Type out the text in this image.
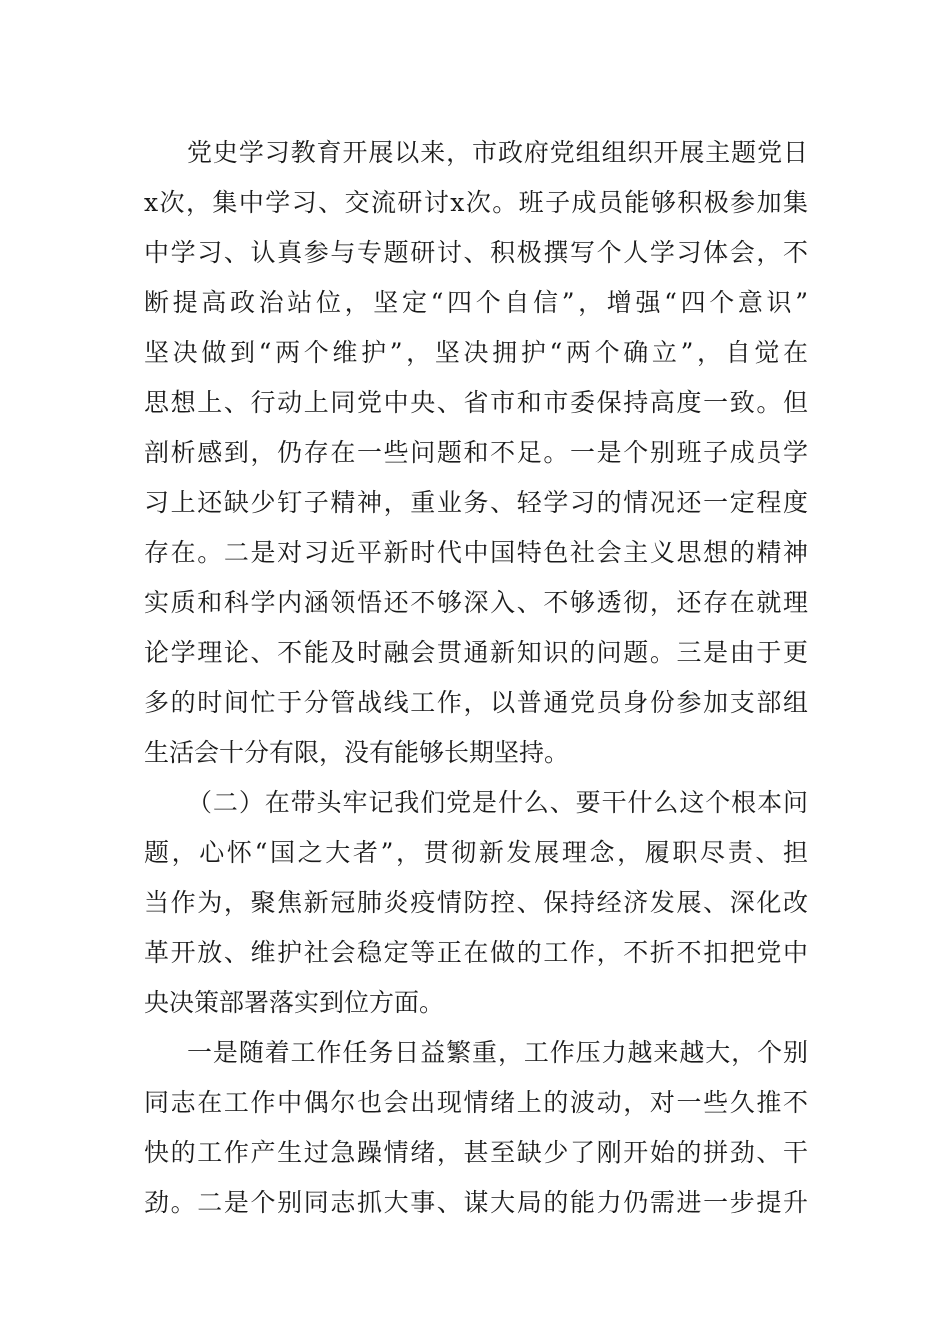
党史学习教育开展以来，市政府党组组织开展主题党日
x次，集中学习、交流研讨x次。班子成员能够积极参加集
中学习、认真参与专题研讨、积极撰写个人学习体会，不
断提高政治站位，坚定“四个自信”，增强“四个意识”
坚决做到“两个维护”，坚决拥护“两个确立”，自觉在
思想上、行动上同党中央、省市和市委保持高度一致。但
剖析感到，仍存在一些问题和不足。一是个别班子成员学
习上还缺少钉子精神，重业务、轻学习的情况还一定程度
存在。二是对习近平新时代中国特色社会主义思想的精神
实质和科学内涵领悟还不够深入、不够透彻，还存在就理
论学理论、不能及时融会贯通新知识的问题。三是由于更
多的时间忙于分管战线工作，以普通党员身份参加支部组
生活会十分有限，没有能够长期坚持。
（二）在带头牢记我们党是什么、要干什么这个根本问
题，心怀“国之大者”，贯彻新发展理念，履职尽责、担
当作为，聚焦新冠肺炎疫情防控、保持经济发展、深化改
革开放、维护社会稳定等正在做的工作，不折不扣把党中
央决策部署落实到位方面。
一是随着工作任务日益繁重，工作压力越来越大，个别
同志在工作中偶尔也会出现情绪上的波动，对一些久推不
快的工作产生过急躁情绪，甚至缺少了刚开始的拼劲、干
劲。二是个别同志抓大事、谋大局的能力仍需进一步提升
